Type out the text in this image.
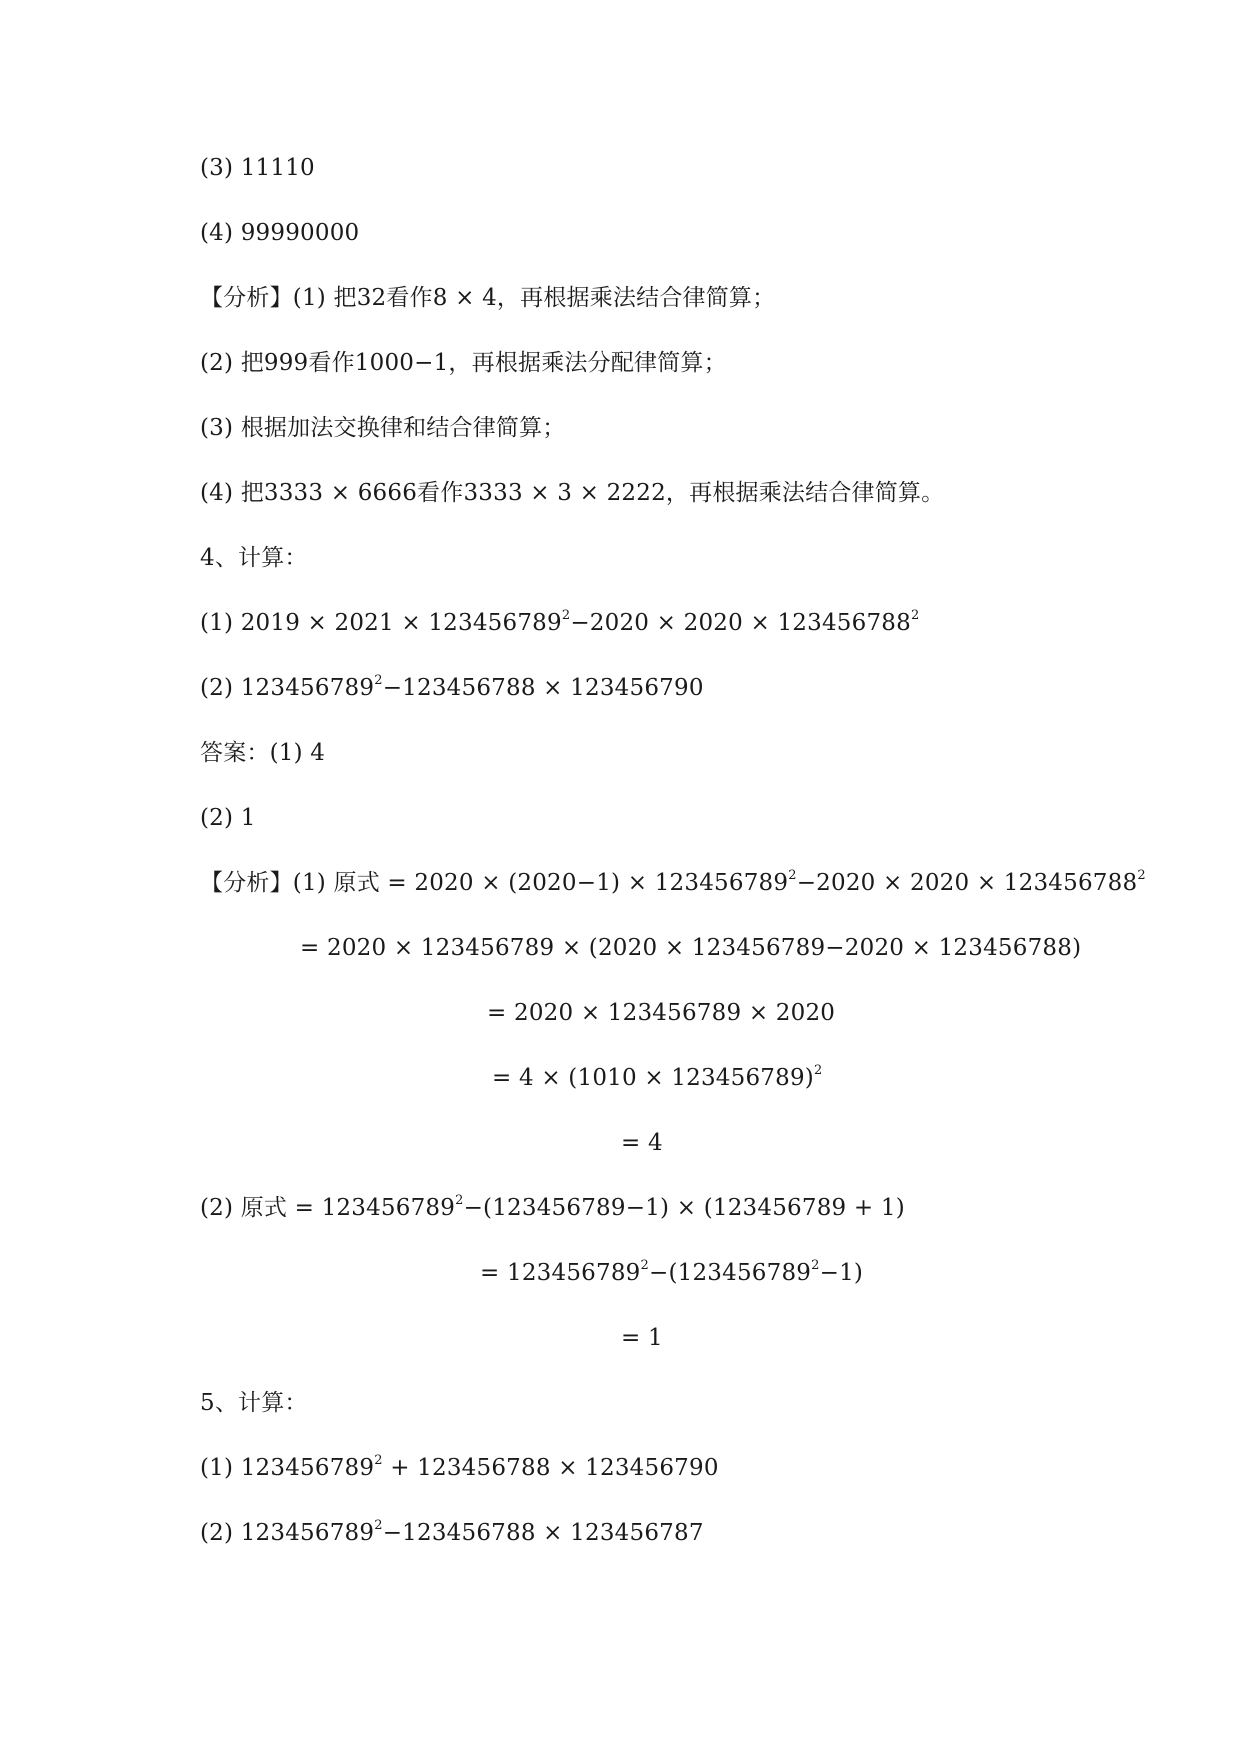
(3) 11110
(4) 99990000
【分析】(1) 把32看作8 × 4，再根据乘法结合律简算；
(2) 把999看作1000−1，再根据乘法分配律简算；
(3) 根据加法交换律和结合律简算；
(4) 把3333 × 6666看作3333 × 3 × 2222，再根据乘法结合律简算。
4、计算：
(1) $2019 \times 2021 \times 123456789^2-2020 \times 2020 \times 123456788^2$
(2) $123456789^2-123456788 \times 123456790$
答案：(1) 4
(2) 1
【分析】(1) 原式 = $2020 \times (2020-1) \times 123456789^2-2020 \times 2020 \times 123456788^2$
= 2020 × 123456789 × (2020 × 123456789−2020 × 123456788)
= 2020 × 123456789 × 2020
= $4 \times (1010 \times 123456789)^2$
= 4
(2) 原式 = $123456789^2-(123456789-1) \times (123456789 + 1)$
= $123456789^2-(123456789^2-1)$
= 1
5、计算：
(1) $123456789^2 + 123456788 \times 123456790$
(2) $123456789^2-123456788 \times 123456787$
